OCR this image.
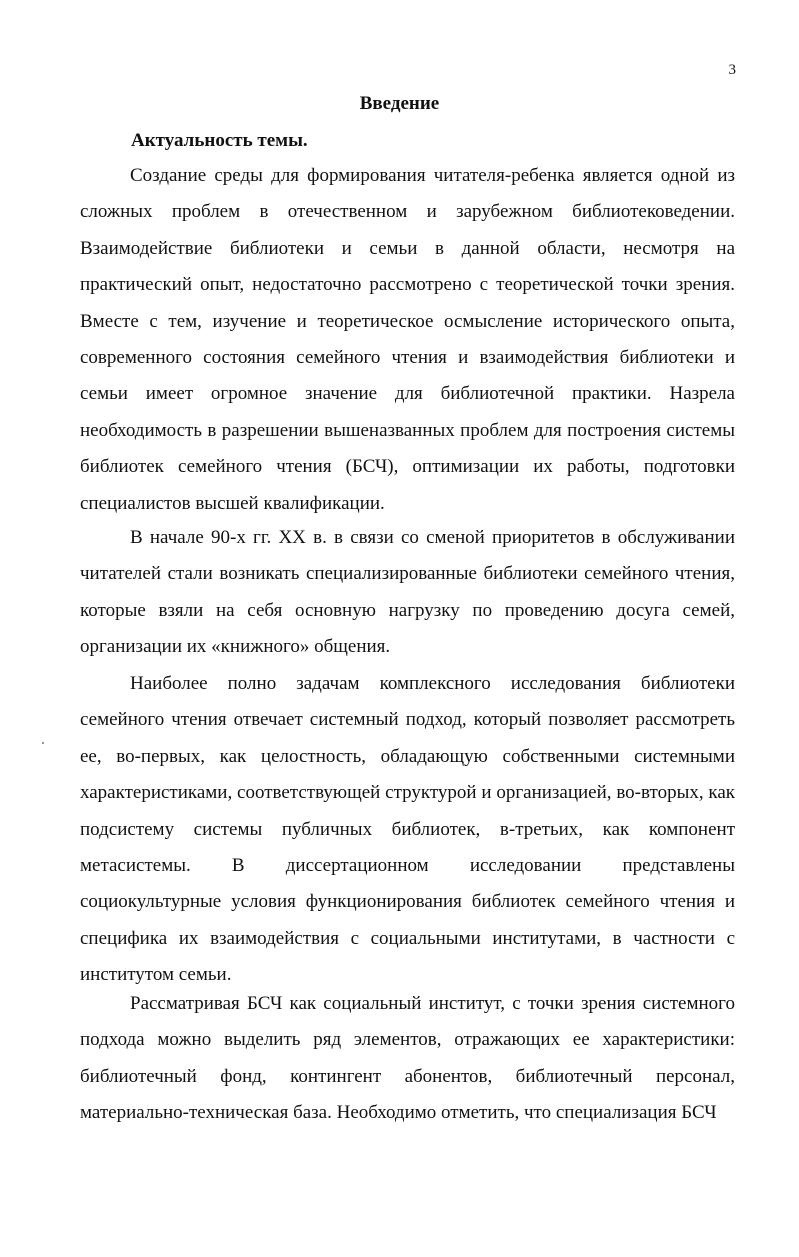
3
Введение
Актуальность темы.

Создание среды для формирования читателя-ребенка является одной из сложных проблем в отечественном и зарубежном библиотековедении. Взаимодействие библиотеки и семьи в данной области, несмотря на практический опыт, недостаточно рассмотрено с теоретической точки зрения. Вместе с тем, изучение и теоретическое осмысление исторического опыта, современного состояния семейного чтения и взаимодействия библиотеки и семьи имеет огромное значение для библиотечной практики. Назрела необходимость в разрешении вышеназванных проблем для построения системы библиотек семейного чтения (БСЧ), оптимизации их работы, подготовки специалистов высшей квалификации.

В начале 90-х гг. XX в. в связи со сменой приоритетов в обслуживании читателей стали возникать специализированные библиотеки семейного чтения, которые взяли на себя основную нагрузку по проведению досуга семей, организации их «книжного» общения.

Наиболее полно задачам комплексного исследования библиотеки семейного чтения отвечает системный подход, который позволяет рассмотреть ее, во-первых, как целостность, обладающую собственными системными характеристиками, соответствующей структурой и организацией, во-вторых, как подсистему системы публичных библиотек, в-третьих, как компонент метасистемы. В диссертационном исследовании представлены социокультурные условия функционирования библиотек семейного чтения и специфика их взаимодействия с социальными институтами, в частности с институтом семьи.

Рассматривая БСЧ как социальный институт, с точки зрения системного подхода можно выделить ряд элементов, отражающих ее характеристики: библиотечный фонд, контингент абонентов, библиотечный персонал, материально-техническая база. Необходимо отметить, что специализация БСЧ
